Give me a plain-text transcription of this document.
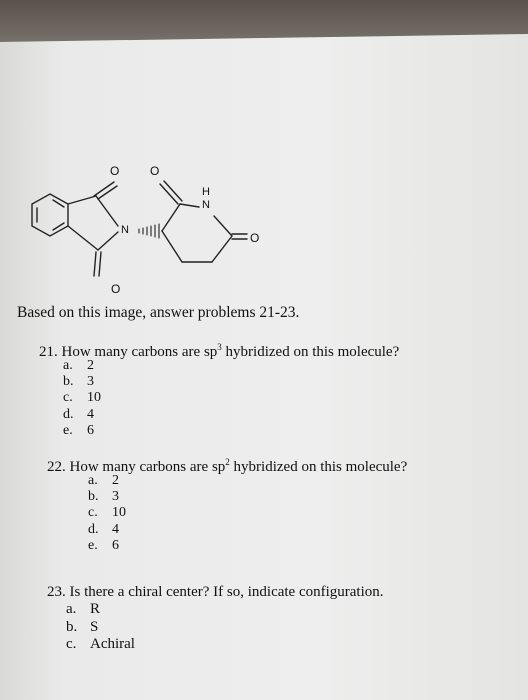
O	O
H
N
N
O
O
Based on this image, answer problems 21-23.
21. How many carbons are $sp^3$ hybridized on this molecule?
a. 2
b. 3
c. 10
d. 4
e. 6
22. How many carbons are $sp^2$ hybridized on this molecule?
a. 2
b. 3
c. 10
d. 4
e. 6
23. Is there a chiral center? If so, indicate configuration.
a. R
b. S
c. Achiral
